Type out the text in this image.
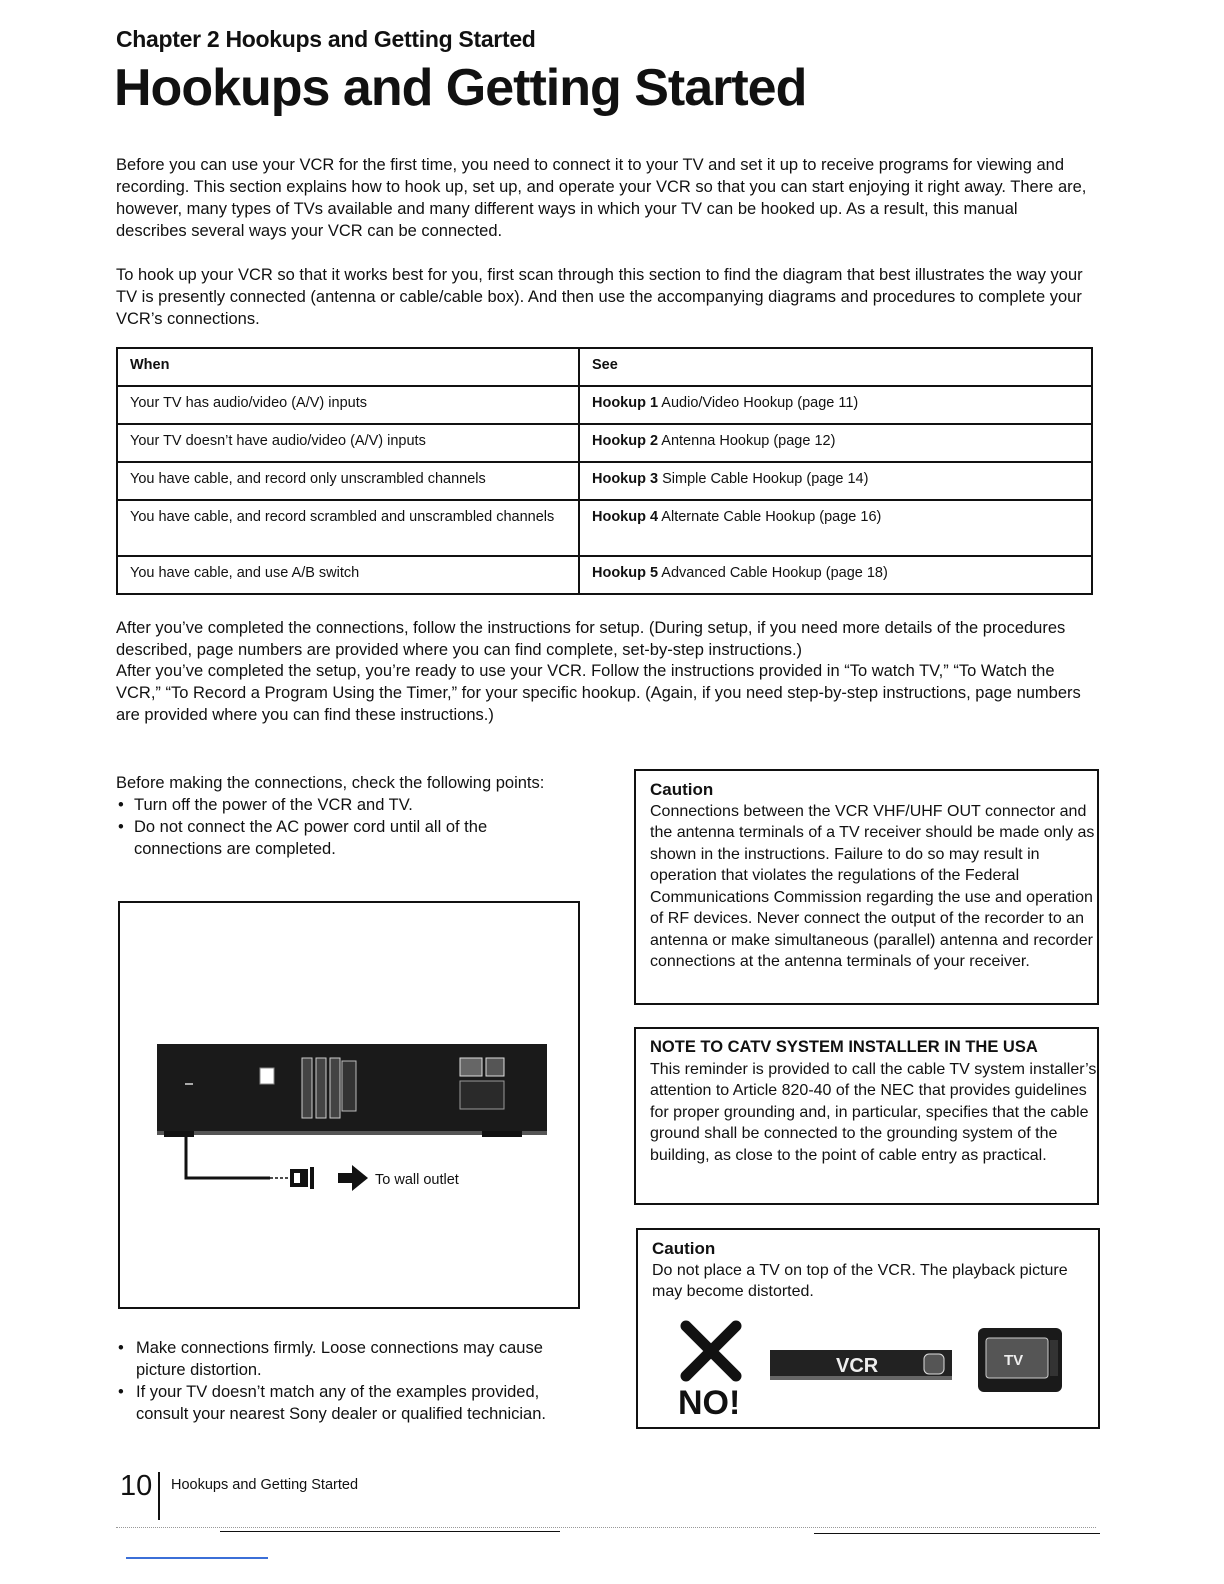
Chapter 2 Hookups and Getting Started
Hookups and Getting Started

Before you can use your VCR for the first time, you need to connect it to your TV and set it up to receive programs for viewing and recording. This section explains how to hook up, set up, and operate your VCR so that you can start enjoying it right away. There are, however, many types of TVs available and many different ways in which your TV can be hooked up. As a result, this manual describes several ways your VCR can be connected.

To hook up your VCR so that it works best for you, first scan through this section to find the diagram that best illustrates the way your TV is presently connected (antenna or cable/cable box). And then use the accompanying diagrams and procedures to complete your VCR’s connections.

When	See
Your TV has audio/video (A/V) inputs	Hookup 1 Audio/Video Hookup (page 11)
Your TV doesn’t have audio/video (A/V) inputs	Hookup 2 Antenna Hookup (page 12)
You have cable, and record only unscrambled channels	Hookup 3 Simple Cable Hookup (page 14)
You have cable, and record scrambled and unscrambled channels	Hookup 4 Alternate Cable Hookup (page 16)
You have cable, and use A/B switch	Hookup 5 Advanced Cable Hookup (page 18)

After you’ve completed the connections, follow the instructions for setup. (During setup, if you need more details of the procedures described, page numbers are provided where you can find complete, set-by-step instructions.)

After you’ve completed the setup, you’re ready to use your VCR. Follow the instructions provided in “To watch TV,” “To Watch the VCR,” “To Record a Program Using the Timer,” for your specific hookup. (Again, if you need step-by-step instructions, page numbers are provided where you can find these instructions.)

Before making the connections, check the following points:
• Turn off the power of the VCR and TV.
• Do not connect the AC power cord until all of the connections are completed.
To wall outlet
• Make connections firmly. Loose connections may cause picture distortion.
• If your TV doesn’t match any of the examples provided, consult your nearest Sony dealer or qualified technician.
Caution
Connections between the VCR VHF/UHF OUT connector and the antenna terminals of a TV receiver should be made only as shown in the instructions. Failure to do so may result in operation that violates the regulations of the Federal Communications Commission regarding the use and operation of RF devices. Never connect the output of the recorder to an antenna or make simultaneous (parallel) antenna and recorder connections at the antenna terminals of your receiver.
NOTE TO CATV SYSTEM INSTALLER IN THE USA
This reminder is provided to call the cable TV system installer’s attention to Article 820-40 of the NEC that provides guidelines for proper grounding and, in particular, specifies that the cable ground shall be connected to the grounding system of the building, as close to the point of cable entry as practical.
Caution
Do not place a TV on top of the VCR. The playback picture may become distorted.
NO!
VCR	TV
10 Hookups and Getting Started
